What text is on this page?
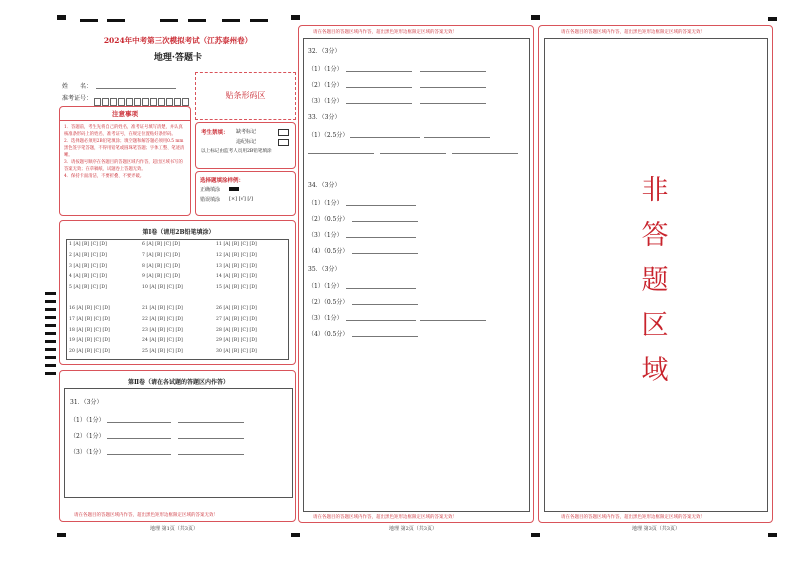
2024年中考第三次模拟考试（江苏泰州卷）
地理·答题卡
姓　　名：
准考证号：	贴条形码区
注意事项
1．答题前，考生先将自己的姓名，准考证号填写清楚，并认真核准条形码上的姓名、准考证号，在规定位置贴好条形码。
2．选择题必须用2B铅笔填涂；填空题和解答题必须用0.5 mm黑色签字笔答题，不得用铅笔或圆珠笔答题；字体工整、笔迹清晰。
3．请按题号顺序在各题目的答题区域内作答，超出区域书写的答案无效；在草稿纸、试题卷上答题无效。
4．保持卡面清洁，不要折叠、不要弄破。
考生禁填： 缺考标记
违纪标记
以上标记由监考人员用2B铅笔填涂
选择题填涂样例：
正确填涂
错误填涂 [×] [√] [/]
第Ⅰ卷（请用2B铅笔填涂）
1 [A] [B] [C] [D]
2 [A] [B] [C] [D]
3 [A] [B] [C] [D]
4 [A] [B] [C] [D]
5 [A] [B] [C] [D]
6 [A] [B] [C] [D]
7 [A] [B] [C] [D]
8 [A] [B] [C] [D]
9 [A] [B] [C] [D]
10 [A] [B] [C] [D]
11 [A] [B] [C] [D]
12 [A] [B] [C] [D]
13 [A] [B] [C] [D]
14 [A] [B] [C] [D]
15 [A] [B] [C] [D]
16 [A] [B] [C] [D]
17 [A] [B] [C] [D]
18 [A] [B] [C] [D]
19 [A] [B] [C] [D]
20 [A] [B] [C] [D]
21 [A] [B] [C] [D]
22 [A] [B] [C] [D]
23 [A] [B] [C] [D]
24 [A] [B] [C] [D]
25 [A] [B] [C] [D]
26 [A] [B] [C] [D]
27 [A] [B] [C] [D]
28 [A] [B] [C] [D]
29 [A] [B] [C] [D]
30 [A] [B] [C] [D]
第Ⅱ卷（请在各试题的答题区内作答）
请在各题目的答题区域内作答，超出黑色矩形边框限定区域的答案无效！
31．（3分）
（1）（1分）
（2）（1分）
（3）（1分）
地理 第1页（共3页）
请在各题目的答题区域内作答，超出黑色矩形边框限定区域的答案无效！
请在各题目的答题区域内作答，超出黑色矩形边框限定区域的答案无效！
32．（3分）
（1）（1分）
（2）（1分）
（3）（1分）
33．（3分）
（1）（2.5分）
34．（3分）
（1）（1分）
（2）（0.5分）
（3）（1分）
（4）（0.5分）
35．（3分）
（1）（1分）
（2）（0.5分）
（3）（1分）
（4）（0.5分）
地理 第2页（共3页）
请在各题目的答题区域内作答，超出黑色矩形边框限定区域的答案无效！
请在各题目的答题区域内作答，超出黑色矩形边框限定区域的答案无效！
非
答
题
区
域
地理 第3页（共3页）
